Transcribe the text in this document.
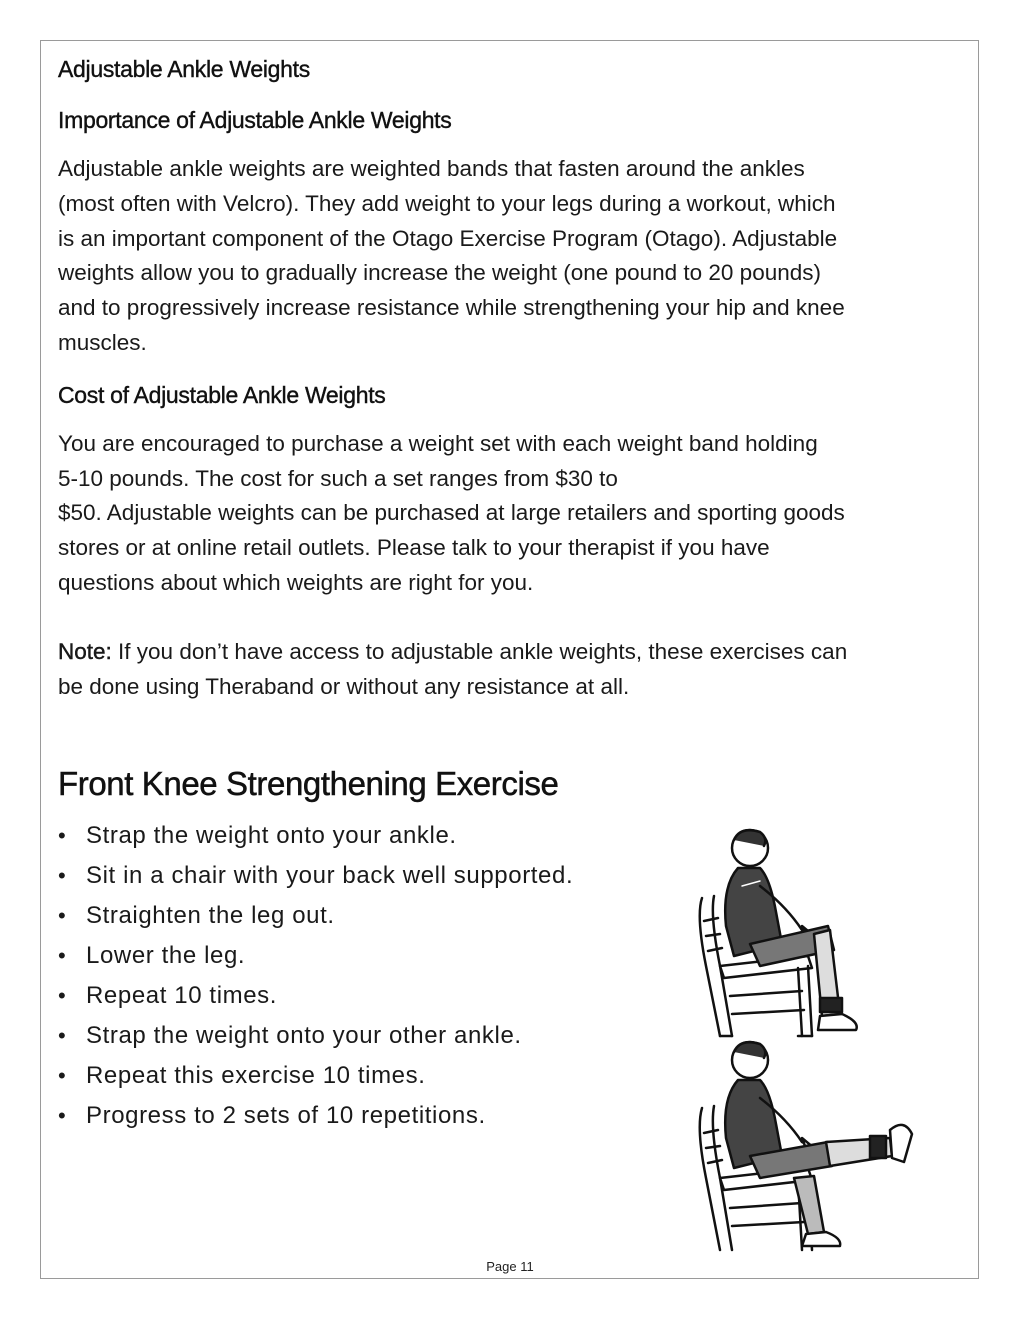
Adjustable Ankle Weights
Importance of Adjustable Ankle Weights

Adjustable ankle weights are weighted bands that fasten around the ankles
(most often with Velcro). They add weight to your legs during a workout, which
is an important component of the Otago Exercise Program (Otago). Adjustable
weights allow you to gradually increase the weight (one pound to 20 pounds)
and to progressively increase resistance while strengthening your hip and knee
muscles.

Cost of Adjustable Ankle Weights

You are encouraged to purchase a weight set with each weight band holding
5-10 pounds. The cost for such a set ranges from $30 to
$50. Adjustable weights can be purchased at large retailers and sporting goods
stores or at online retail outlets. Please talk to your therapist if you have
questions about which weights are right for you.

Note: If you don’t have access to adjustable ankle weights, these exercises can
be done using Theraband or without any resistance at all.

Front Knee Strengthening Exercise
• Strap the weight onto your ankle.
• Sit in a chair with your back well supported.
• Straighten the leg out.
• Lower the leg.
• Repeat 10 times.
• Strap the weight onto your other ankle.
• Repeat this exercise 10 times.
• Progress to 2 sets of 10 repetitions.
Page 11
